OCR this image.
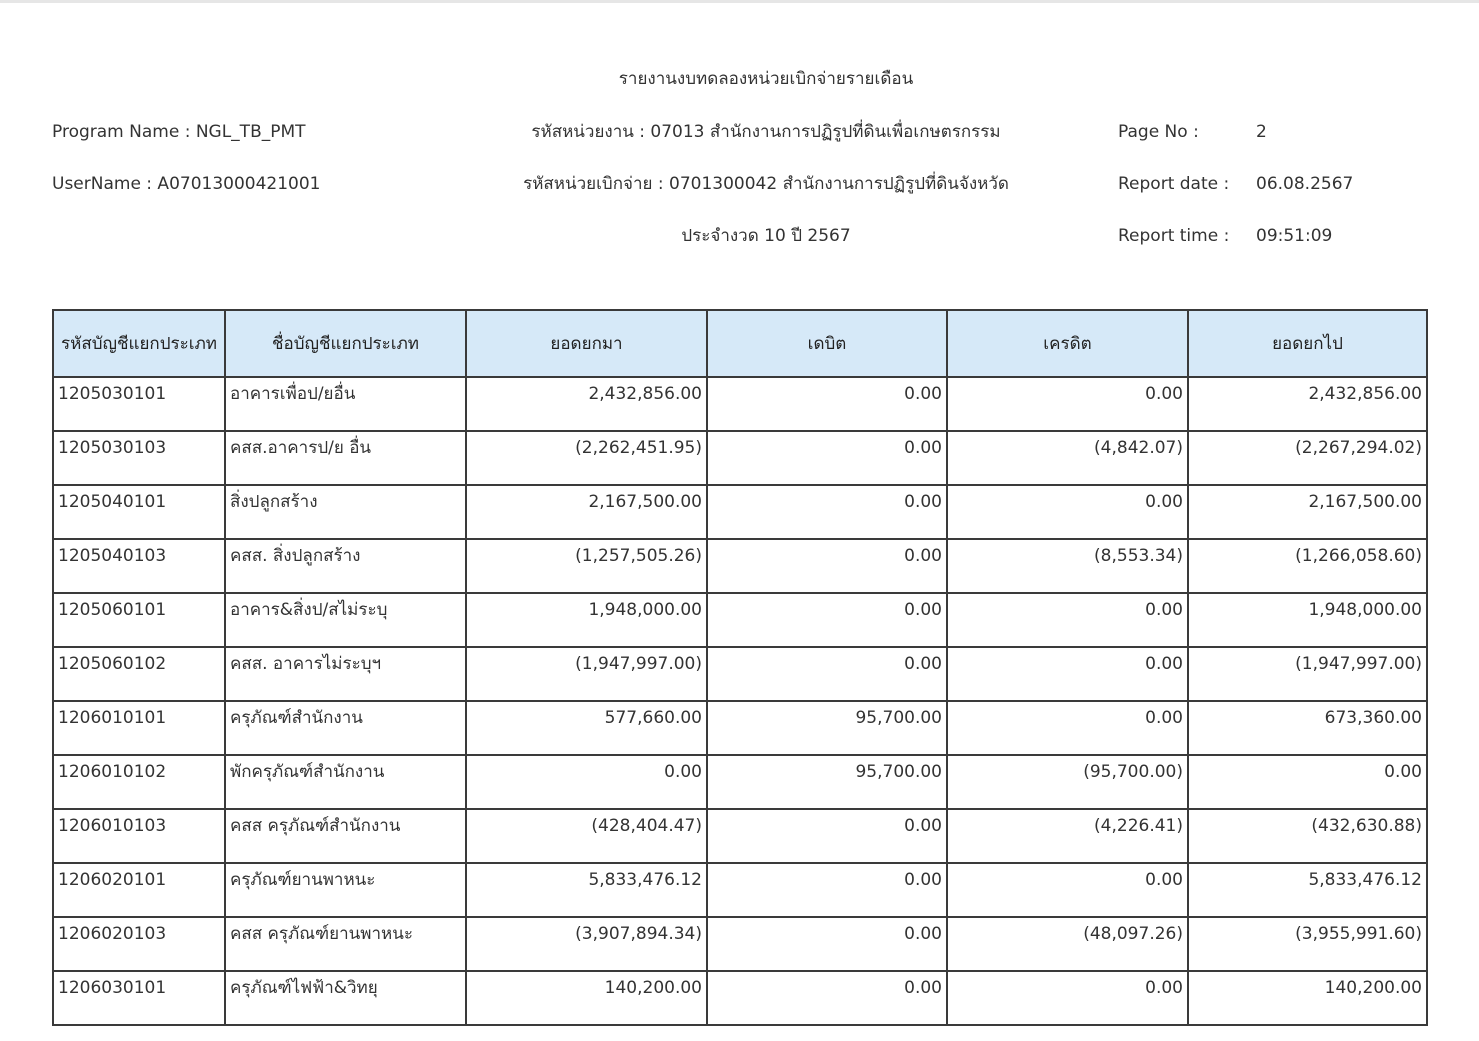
รายงานงบทดลองหน่วยเบิกจ่ายรายเดือน
Program Name : NGL_TB_PMT	รหัสหน่วยงาน : 07013 สำนักงานการปฏิรูปที่ดินเพื่อเกษตรกรรม	Page No :	2
UserName : A07013000421001	รหัสหน่วยเบิกจ่าย : 0701300042 สำนักงานการปฏิรูปที่ดินจังหวัด	Report date : 06.08.2567
ประจำงวด 10 ปี 2567	Report time : 09:51:09
รหัสบัญชีแยกประเภท	ชื่อบัญชีแยกประเภท	ยอดยกมา	เดบิต	เครดิต	ยอดยกไป
1205030101	อาคารเพื่อป/ยอื่น	2,432,856.00	0.00	0.00	2,432,856.00
1205030103	คสส.อาคารป/ย อื่น	(2,262,451.95)	0.00	(4,842.07)	(2,267,294.02)
1205040101	สิ่งปลูกสร้าง	2,167,500.00	0.00	0.00	2,167,500.00
1205040103	คสส. สิ่งปลูกสร้าง	(1,257,505.26)	0.00	(8,553.34)	(1,266,058.60)
1205060101	อาคาร&สิ่งป/สไม่ระบุ	1,948,000.00	0.00	0.00	1,948,000.00
1205060102	คสส. อาคารไม่ระบุฯ	(1,947,997.00)	0.00	0.00	(1,947,997.00)
1206010101	ครุภัณฑ์สำนักงาน	577,660.00	95,700.00	0.00	673,360.00
1206010102	พักครุภัณฑ์สำนักงาน	0.00	95,700.00	(95,700.00)	0.00
1206010103	คสส ครุภัณฑ์สำนักงาน	(428,404.47)	0.00	(4,226.41)	(432,630.88)
1206020101	ครุภัณฑ์ยานพาหนะ	5,833,476.12	0.00	0.00	5,833,476.12
1206020103	คสส ครุภัณฑ์ยานพาหนะ	(3,907,894.34)	0.00	(48,097.26)	(3,955,991.60)
1206030101	ครุภัณฑ์ไฟฟ้า&วิทยุ	140,200.00	0.00	0.00	140,200.00
